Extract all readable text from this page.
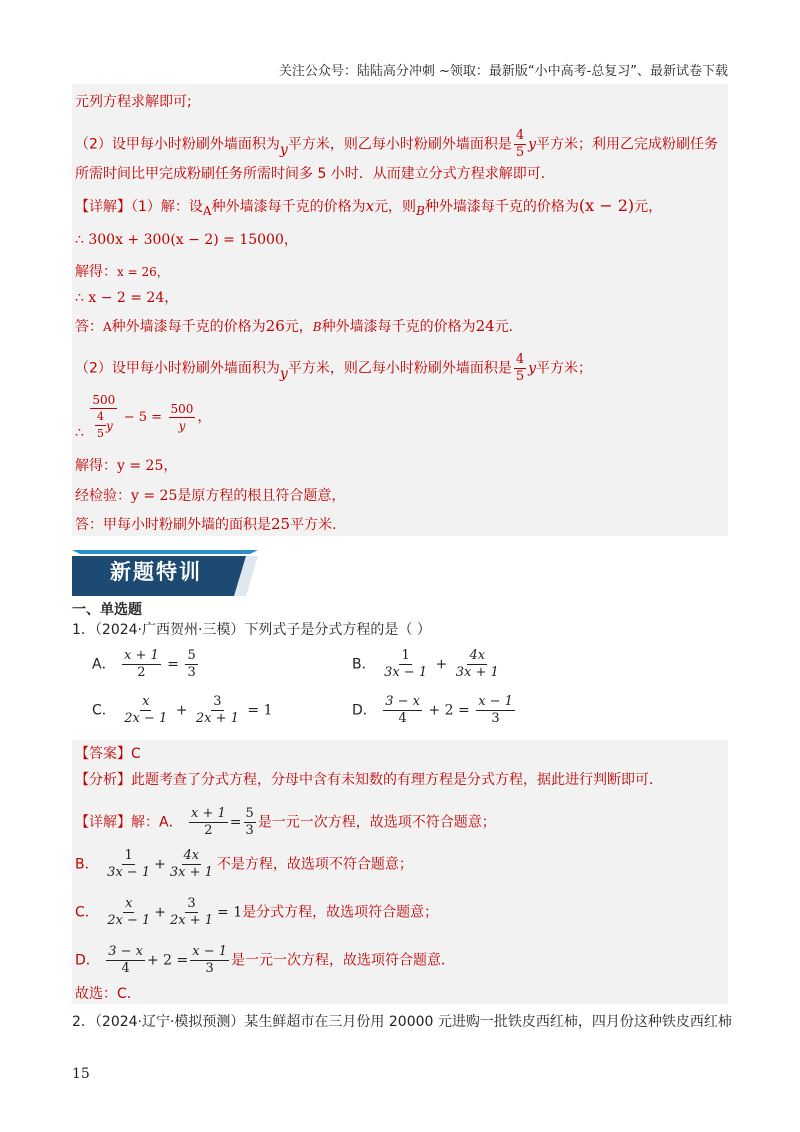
关注公众号：陆陆高分冲刺 ~领取：最新版“小中高考-总复习”、最新试卷下载
元列方程求解即可;
（2）设甲每小时粉刷外墙面积为y平方米，则乙每小时粉刷外墙面积是 $\frac{4}{5}$ y平方米；利用乙完成粉刷任务
所需时间比甲完成粉刷任务所需时间多 5 小时．从而建立分式方程求解即可．
【详解】（1）解：设A种外墙漆每千克的价格为x元，则B种外墙漆每千克的价格为(x − 2)元，
∴ 300x + 300(x − 2) = 15000，
解得：x = 26，
∴ x − 2 = 24，
答：A种外墙漆每千克的价格为26元，B种外墙漆每千克的价格为24元．
（2）设甲每小时粉刷外墙面积为y平方米，则乙每小时粉刷外墙面积是 $\frac{4}{5}$ y平方米；
∴ $\frac{500}{\frac{4}{5} y} - 5 = \frac{500}{y}$ ，
解得：y = 25，
经检验：y = 25是原方程的根且符合题意，
答：甲每小时粉刷外墙的面积是25平方米．
新题特训
一、单选题
1．（2024·广西贺州·三模）下列式子是分式方程的是（ ）
A． $\frac{x + 1}{2} = \frac{5}{3}$	B． $\frac{1}{3x - 1} + \frac{4x}{3x + 1}$
C． $\frac{x}{2x - 1} + \frac{3}{2x + 1} = 1$	D． $\frac{3 - x}{4} + 2 = \frac{x - 1}{3}$
【答案】C
【分析】此题考查了分式方程，分母中含有未知数的有理方程是分式方程，据此进行判断即可．
【详解】解：A． $\frac{x + 1}{2} = \frac{5}{3}$ 是一元一次方程，故选项不符合题意；
B． $\frac{1}{3x - 1} + \frac{4x}{3x + 1}$ 不是方程，故选项不符合题意；
C． $\frac{x}{2x - 1} + \frac{3}{2x + 1} = 1$是分式方程，故选项符合题意；
D． $\frac{3 - x}{4} + 2 = \frac{x - 1}{3}$ 是一元一次方程，故选项符合题意．
故选：C．
2．（2024·辽宁·模拟预测）某生鲜超市在三月份用 20000 元进购一批铁皮西红柿，四月份这种铁皮西红柿
15
